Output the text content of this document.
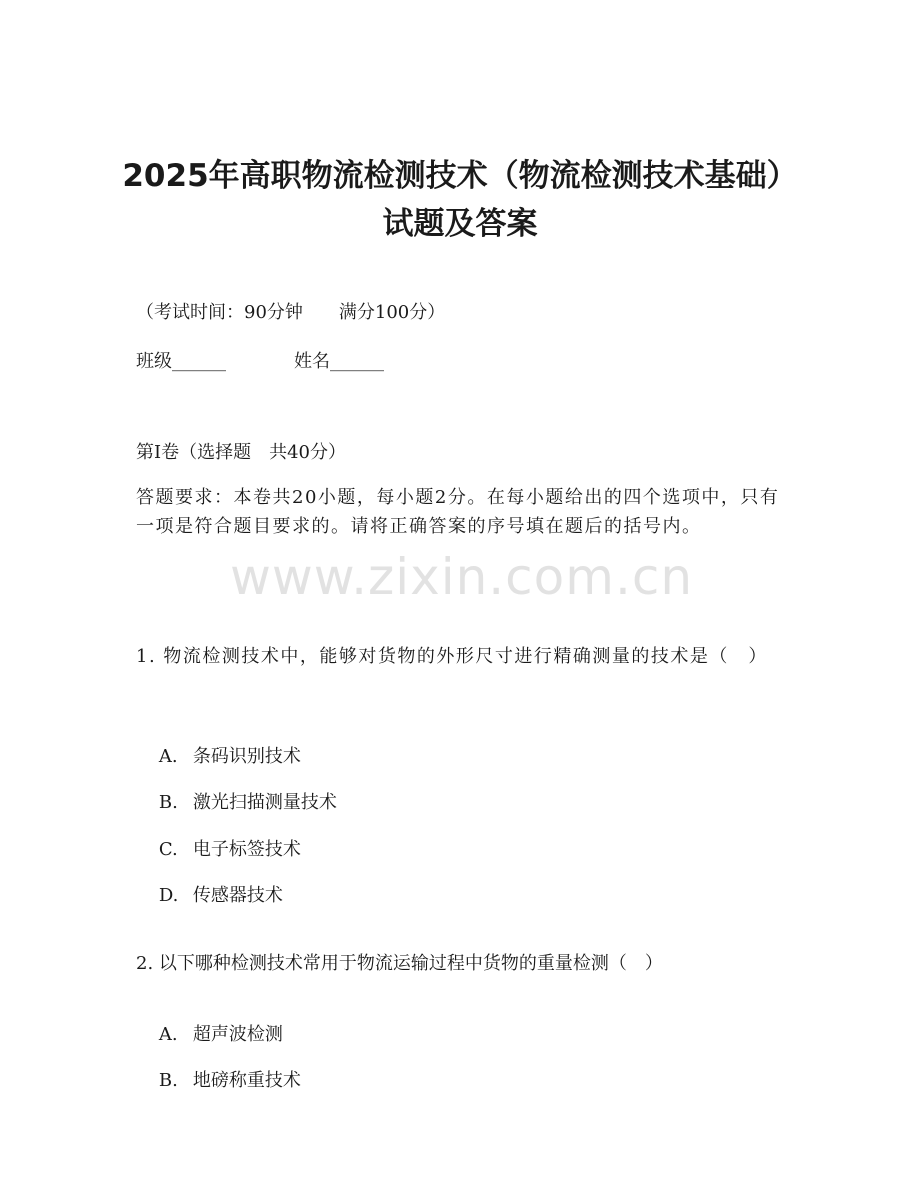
2025年高职物流检测技术（物流检测技术基础）试题及答案
（考试时间：90分钟　　满分100分）
班级______	姓名______
第Ⅰ卷（选择题　共40分）

答题要求：本卷共20小题，每小题2分。在每小题给出的四个选项中，只有一项是符合题目要求的。请将正确答案的序号填在题后的括号内。

www.zixin.com.cn

1. 物流检测技术中，能够对货物的外形尺寸进行精确测量的技术是（　）

A. 条码识别技术

B. 激光扫描测量技术

C. 电子标签技术

D. 传感器技术

2. 以下哪种检测技术常用于物流运输过程中货物的重量检测（　）

A. 超声波检测

B. 地磅称重技术
